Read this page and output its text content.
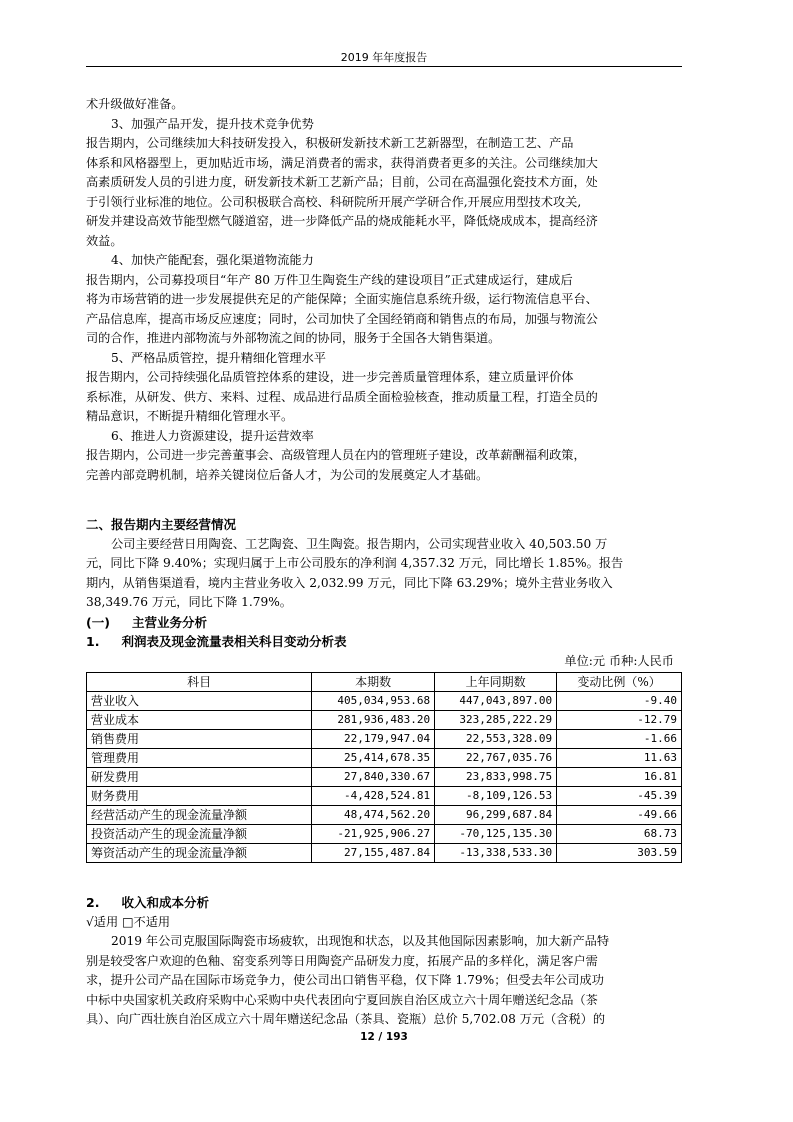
2019 年年度报告
术升级做好准备。
3、加强产品开发，提升技术竞争优势
报告期内，公司继续加大科技研发投入，积极研发新技术新工艺新器型，在制造工艺、产品
体系和风格器型上，更加贴近市场，满足消费者的需求，获得消费者更多的关注。公司继续加大
高素质研发人员的引进力度，研发新技术新工艺新产品；目前，公司在高温强化瓷技术方面，处
于引领行业标准的地位。公司积极联合高校、科研院所开展产学研合作,开展应用型技术攻关,
研发并建设高效节能型燃气隧道窑，进一步降低产品的烧成能耗水平，降低烧成成本，提高经济
效益。
4、加快产能配套，强化渠道物流能力
报告期内，公司募投项目“年产 80 万件卫生陶瓷生产线的建设项目”正式建成运行，建成后
将为市场营销的进一步发展提供充足的产能保障；全面实施信息系统升级，运行物流信息平台、
产品信息库，提高市场反应速度；同时，公司加快了全国经销商和销售点的布局，加强与物流公
司的合作，推进内部物流与外部物流之间的协同，服务于全国各大销售渠道。
5、严格品质管控，提升精细化管理水平
报告期内，公司持续强化品质管控体系的建设，进一步完善质量管理体系，建立质量评价体
系标准，从研发、供方、来料、过程、成品进行品质全面检验核查，推动质量工程，打造全员的
精品意识，不断提升精细化管理水平。
6、推进人力资源建设，提升运营效率
报告期内，公司进一步完善董事会、高级管理人员在内的管理班子建设，改革薪酬福利政策，
完善内部竞聘机制，培养关键岗位后备人才，为公司的发展奠定人才基础。
二、报告期内主要经营情况
公司主要经营日用陶瓷、工艺陶瓷、卫生陶瓷。报告期内，公司实现营业收入 40,503.50 万
元，同比下降 9.40%；实现归属于上市公司股东的净利润 4,357.32 万元，同比增长 1.85%。报告
期内，从销售渠道看，境内主营业务收入 2,032.99 万元，同比下降 63.29%；境外主营业务收入
38,349.76 万元，同比下降 1.79%。
(一) 主营业务分析
1. 利润表及现金流量表相关科目变动分析表
单位:元 币种:人民币
科目	本期数	上年同期数	变动比例（%）
营业收入	405,034,953.68	447,043,897.00	-9.40
营业成本	281,936,483.20	323,285,222.29	-12.79
销售费用	22,179,947.04	22,553,328.09	-1.66
管理费用	25,414,678.35	22,767,035.76	11.63
研发费用	27,840,330.67	23,833,998.75	16.81
财务费用	-4,428,524.81	-8,109,126.53	-45.39
经营活动产生的现金流量净额	48,474,562.20	96,299,687.84	-49.66
投资活动产生的现金流量净额	-21,925,906.27	-70,125,135.30	68.73
筹资活动产生的现金流量净额	27,155,487.84	-13,338,533.30	303.59
2. 收入和成本分析
√适用 □不适用
2019 年公司克服国际陶瓷市场疲软，出现饱和状态，以及其他国际因素影响，加大新产品特
别是较受客户欢迎的色釉、窑变系列等日用陶瓷产品研发力度，拓展产品的多样化，满足客户需
求，提升公司产品在国际市场竞争力，使公司出口销售平稳，仅下降 1.79%；但受去年公司成功
中标中央国家机关政府采购中心采购中央代表团向宁夏回族自治区成立六十周年赠送纪念品（茶
具）、向广西壮族自治区成立六十周年赠送纪念品（茶具、瓷瓶）总价 5,702.08 万元（含税）的
12 / 193
